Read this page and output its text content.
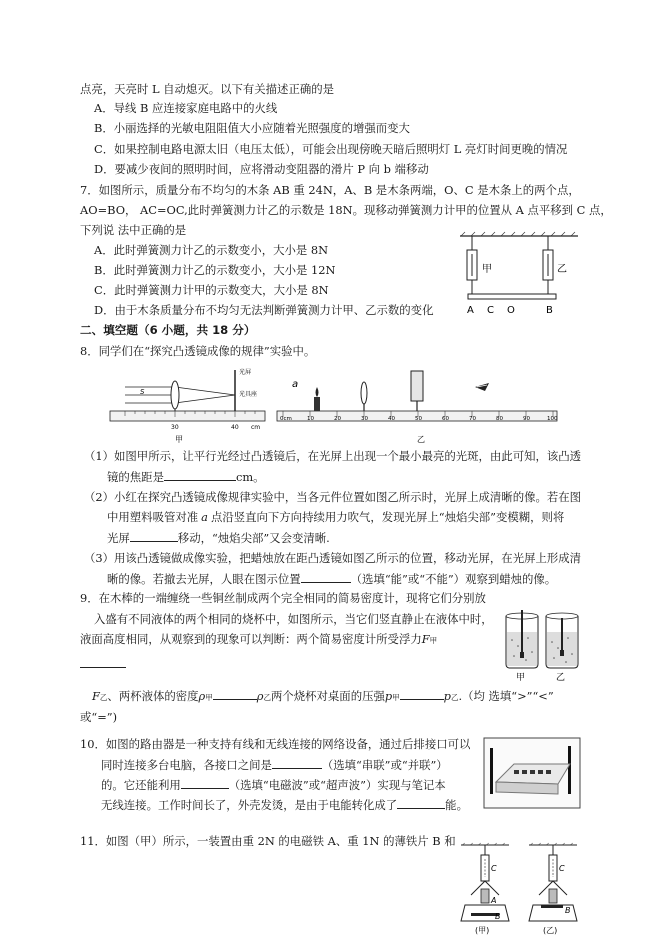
点亮，天亮时 L 自动熄灭。以下有关描述正确的是
A．导线 B 应连接家庭电路中的火线
B．小丽选择的光敏电阻阻值大小应随着光照强度的增强而变大
C．如果控制电路电源太旧（电压太低），可能会出现傍晚天暗后照明灯 L 亮灯时间更晚的情况
D．要减少夜间的照明时间，应将滑动变阻器的滑片 P 向 b 端移动
7．如图所示，质量分布不均匀的木条 AB 重 24N，A、B 是木条两端，O、C 是木条上的两个点，
AO=BO， AC=OC,此时弹簧测力计乙的示数是 18N。现移动弹簧测力计甲的位置从 A 点平移到 C 点，
下列说 法中正确的是
A．此时弹簧测力计乙的示数变小，大小是 8N
B．此时弹簧测力计乙的示数变小，大小是 12N
C．此时弹簧测力计甲的示数变大，大小是 8N
D．由于木条质量分布不均匀无法判断弹簧测力计甲、乙示数的变化
二、填空题（6 小题，共 18 分）
8．同学们在“探究凸透镜成像的规律”实验中。
（1）如图甲所示，让平行光经过凸透镜后，在光屏上出现一个最小最亮的光斑，由此可知，该凸透
镜的焦距是	cm。
（2）小红在探究凸透镜成像规律实验中，当各元件位置如图乙所示时，光屏上成清晰的像。若在图
中用塑料吸管对准 a 点沿竖直向下方向持续用力吹气，发现光屏上“烛焰尖部”变模糊，则将
光屏	移动，“烛焰尖部”又会变清晰.
（3）用该凸透镜做成像实验，把蜡烛放在距凸透镜如图乙所示的位置，移动光屏，在光屏上形成清
晰的像。若撤去光屏，人眼在图示位置	（选填“能”或“不能”）观察到蜡烛的像。
9．在木棒的一端缠绕一些铜丝制成两个完全相同的简易密度计，现将它们分别放
入盛有不同液体的两个相同的烧杯中，如图所示，当它们竖直静止在液体中时，
液面高度相同，从观察到的现象可以判断：两个简易密度计所受浮力F甲
F乙、两杯液体的密度ρ甲	ρ乙两个烧杯对桌面的压强p甲	p乙.（均 选填“>”“<”
或“=”)
10．如图的路由器是一种支持有线和无线连接的网络设备，通过后排接口可以
同时连接多台电脑，各接口之间是	（选填“串联”或“并联”）
的。它还能利用	（选填“电磁波”或“超声波”）实现与笔记本
无线连接。工作时间长了，外壳发烫，是由于电能转化成了	能。
11．如图（甲）所示，一装置由重 2N 的电磁铁 A、重 1N 的薄铁片 B 和
甲	乙
A C O	B
S
光屏
光具座
30	40 cm
甲
0cm	10	20	30	40	50	60	70	80	90	100
a
乙
甲	乙
C
A
B
(甲)
C
B
(乙)
